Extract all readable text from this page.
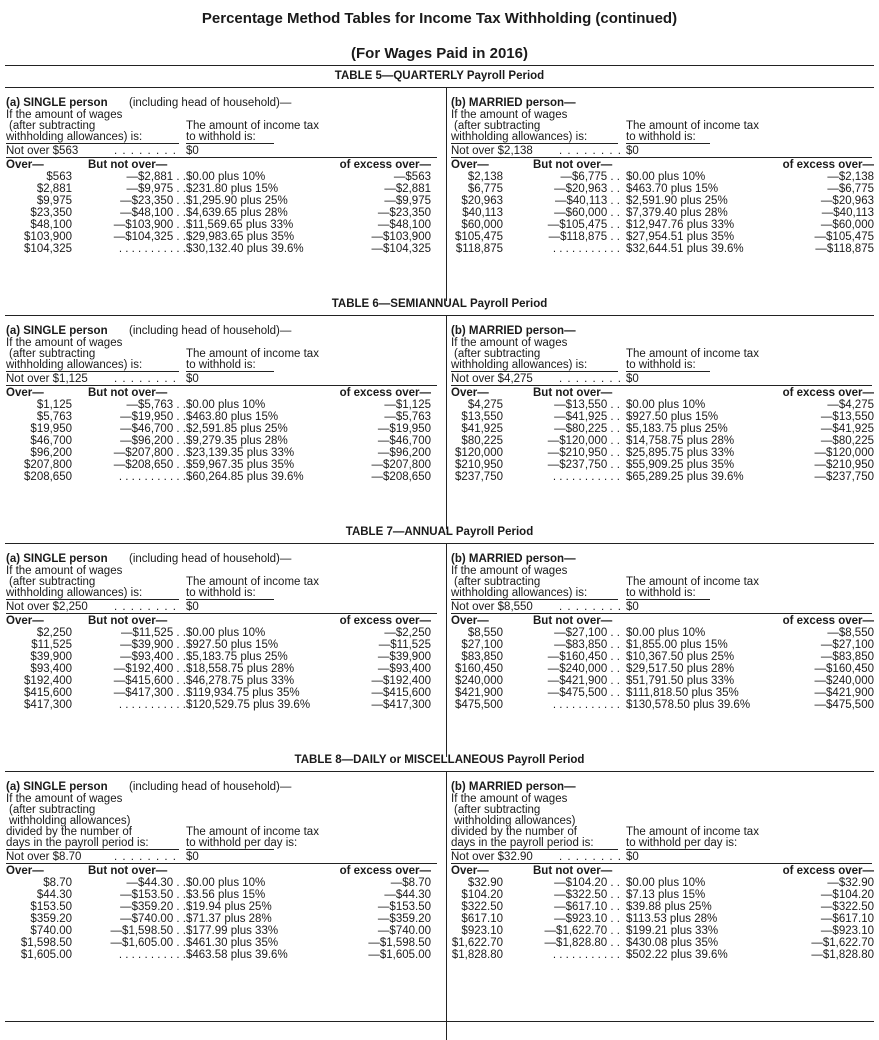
Percentage Method Tables for Income Tax Withholding (continued)
(For Wages Paid in 2016)
TABLE 5—QUARTERLY Payroll Period
(a) SINGLE person (including head of household)—
If the amount of wages
(after subtracting
withholding allowances) is:
The amount of income tax
to withhold is:
Not over $563	. . . . . . . . $0
Over—	But not over—	of excess over—
$563	—$2,881 . . $0.00 plus 10%	—$563
$2,881	—$9,975 . . $231.80 plus 15%	—$2,881
$9,975	—$23,350 . . $1,295.90 plus 25%	—$9,975
$23,350	—$48,100 . . $4,639.65 plus 28%	—$23,350
$48,100	—$103,900 . . $11,569.65 plus 33%	—$48,100
$103,900	—$104,325 . . $29,983.65 plus 35%	—$103,900
$104,325	. . . . . . . . . . . $30,132.40 plus 39.6%	—$104,325
(b) MARRIED person—
If the amount of wages
(after subtracting
withholding allowances) is:
The amount of income tax
to withhold is:
Not over $2,138 . . . . . . . . $0
Over—	But not over—	of excess over—
$2,138	—$6,775 . . $0.00 plus 10%	—$2,138
$6,775	—$20,963 . . $463.70 plus 15%	—$6,775
$20,963	—$40,113 . . $2,591.90 plus 25%	—$20,963
$40,113	—$60,000 . . $7,379.40 plus 28%	—$40,113
$60,000	—$105,475 . . $12,947.76 plus 33%	—$60,000
$105,475	—$118,875 . . $27,954.51 plus 35%	—$105,475
$118,875	. . . . . . . . . . . $32,644.51 plus 39.6%	—$118,875
TABLE 6—SEMIANNUAL Payroll Period
(a) SINGLE person (including head of household)—
If the amount of wages
(after subtracting
withholding allowances) is:
The amount of income tax
to withhold is:
Not over $1,125 . . . . . . . . $0
Over—	But not over—	of excess over—
$1,125	—$5,763 . . $0.00 plus 10%	—$1,125
$5,763	—$19,950 . . $463.80 plus 15%	—$5,763
$19,950	—$46,700 . . $2,591.85 plus 25%	—$19,950
$46,700	—$96,200 . . $9,279.35 plus 28%	—$46,700
$96,200	—$207,800 . . $23,139.35 plus 33%	—$96,200
$207,800	—$208,650 . . $59,967.35 plus 35%	—$207,800
$208,650	. . . . . . . . . . . $60,264.85 plus 39.6%	—$208,650
(b) MARRIED person—
If the amount of wages
(after subtracting
withholding allowances) is:
The amount of income tax
to withhold is:
Not over $4,275 . . . . . . . . $0
Over—	But not over—	of excess over—
$4,275	—$13,550 . . $0.00 plus 10%	—$4,275
$13,550	—$41,925 . . $927.50 plus 15%	—$13,550
$41,925	—$80,225 . . $5,183.75 plus 25%	—$41,925
$80,225	—$120,000 . . $14,758.75 plus 28%	—$80,225
$120,000	—$210,950 . . $25,895.75 plus 33%	—$120,000
$210,950	—$237,750 . . $55,909.25 plus 35%	—$210,950
$237,750	. . . . . . . . . . . $65,289.25 plus 39.6%	—$237,750
TABLE 7—ANNUAL Payroll Period
(a) SINGLE person (including head of household)—
If the amount of wages
(after subtracting
withholding allowances) is:
The amount of income tax
to withhold is:
Not over $2,250 . . . . . . . . $0
Over—	But not over—	of excess over—
$2,250	—$11,525 . . $0.00 plus 10%	—$2,250
$11,525	—$39,900 . . $927.50 plus 15%	—$11,525
$39,900	—$93,400 . . $5,183.75 plus 25%	—$39,900
$93,400	—$192,400 . . $18,558.75 plus 28%	—$93,400
$192,400	—$415,600 . . $46,278.75 plus 33%	—$192,400
$415,600	—$417,300 . . $119,934.75 plus 35%	—$415,600
$417,300	. . . . . . . . . . . $120,529.75 plus 39.6%	—$417,300
(b) MARRIED person—
If the amount of wages
(after subtracting
withholding allowances) is:
The amount of income tax
to withhold is:
Not over $8,550 . . . . . . . . $0
Over—	But not over—	of excess over—
$8,550	—$27,100 . . $0.00 plus 10%	—$8,550
$27,100	—$83,850 . . $1,855.00 plus 15%	—$27,100
$83,850	—$160,450 . . $10,367.50 plus 25%	—$83,850
$160,450	—$240,000 . . $29,517.50 plus 28%	—$160,450
$240,000	—$421,900 . . $51,791.50 plus 33%	—$240,000
$421,900	—$475,500 . . $111,818.50 plus 35%	—$421,900
$475,500	. . . . . . . . . . . $130,578.50 plus 39.6%	—$475,500
TABLE 8—DAILY or MISCELLANEOUS Payroll Period
(a) SINGLE person (including head of household)—
If the amount of wages
(after subtracting
withholding allowances)
divided by the number of
days in the payroll period is:
The amount of income tax
to withhold per day is:
Not over $8.70	. . . . . . . . $0
Over—	But not over—	of excess over—
$8.70	—$44.30 . . $0.00 plus 10%	—$8.70
$44.30	—$153.50 . . $3.56 plus 15%	—$44.30
$153.50	—$359.20 . . $19.94 plus 25%	—$153.50
$359.20	—$740.00 . . $71.37 plus 28%	—$359.20
$740.00	—$1,598.50 . . $177.99 plus 33%	—$740.00
$1,598.50	—$1,605.00 . . $461.30 plus 35%	—$1,598.50
$1,605.00	. . . . . . . . . . . $463.58 plus 39.6%	—$1,605.00
(b) MARRIED person—
If the amount of wages
(after subtracting
withholding allowances)
divided by the number of
days in the payroll period is:
The amount of income tax
to withhold per day is:
Not over $32.90 . . . . . . . . $0
Over—	But not over—	of excess over—
$32.90	—$104.20 . . $0.00 plus 10%	—$32.90
$104.20	—$322.50 . . $7.13 plus 15%	—$104.20
$322.50	—$617.10 . . $39.88 plus 25%	—$322.50
$617.10	—$923.10 . . $113.53 plus 28%	—$617.10
$923.10	—$1,622.70 . . $199.21 plus 33%	—$923.10
$1,622.70	—$1,828.80 . . $430.08 plus 35%	—$1,622.70
$1,828.80	. . . . . . . . . . . $502.22 plus 39.6%	—$1,828.80
